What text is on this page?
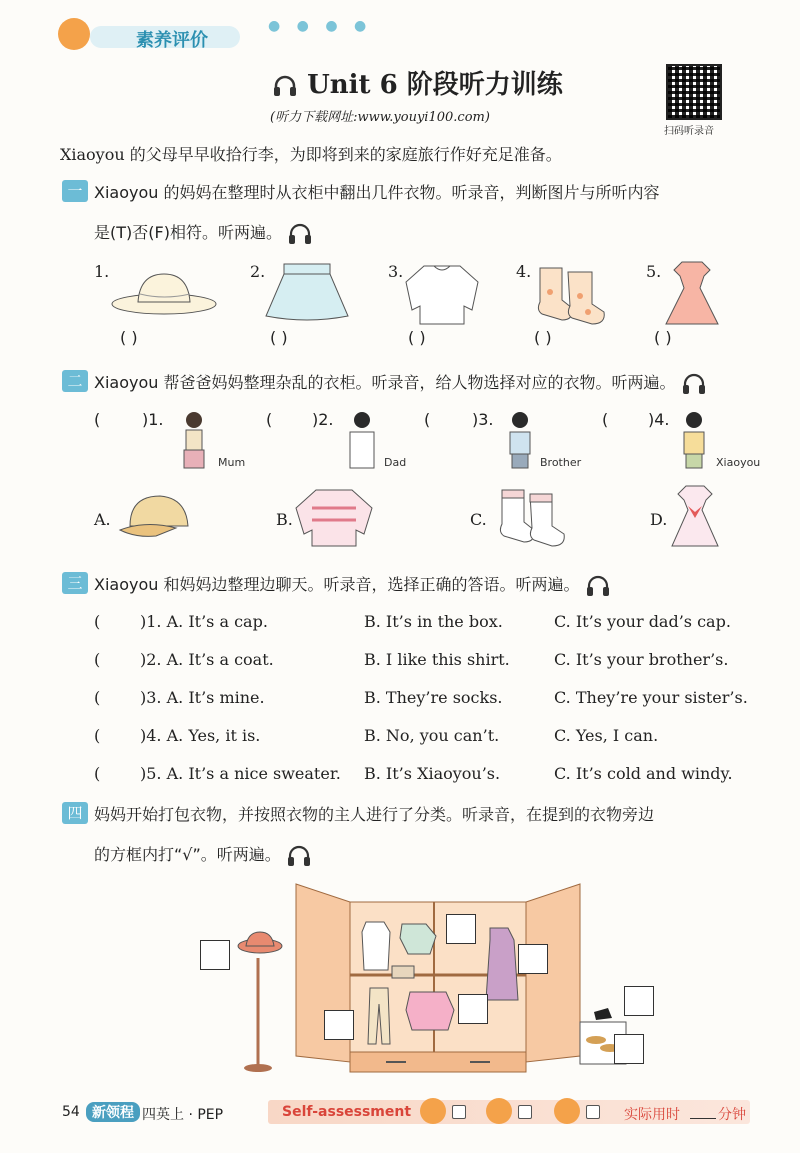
素养评价
● ● ● ●
Unit 6 阶段听力训练
(听力下载网址:www.youyi100.com)
扫码听录音
Xiaoyou 的父母早早收拾行李，为即将到来的家庭旅行作好充足准备。
一 Xiaoyou 的妈妈在整理时从衣柜中翻出几件衣物。听录音，判断图片与所听内容
是(T)否(F)相符。听两遍。
1.
( )
2.
( )
3.
( )
4.
( )
5.
( )
二 Xiaoyou 帮爸爸妈妈整理杂乱的衣柜。听录音，给人物选择对应的衣物。听两遍。
(	)1.
Mum
( )2.
Dad
(	)3.
Brother
( )4.
Xiaoyou
A.	B.	C.	D.
三 Xiaoyou 和妈妈边整理边聊天。听录音，选择正确的答语。听两遍。
( )1. A. It’s a cap.	B. It’s in the box.	C. It’s your dad’s cap.
( )2. A. It’s a coat.	B. I like this shirt.	C. It’s your brother’s.
( )3. A. It’s mine.	B. They’re socks.	C. They’re your sister’s.
( )4. A. Yes, it is.	B. No, you can’t.	C. Yes, I can.
( )5. A. It’s a nice sweater. B. It’s Xiaoyou’s.	C. It’s cold and windy.
四 妈妈开始打包衣物，并按照衣物的主人进行了分类。听录音，在提到的衣物旁边
的方框内打“√”。听两遍。
54 新领程 四英上 · PEP	Self-assessment	实际用时	分钟
